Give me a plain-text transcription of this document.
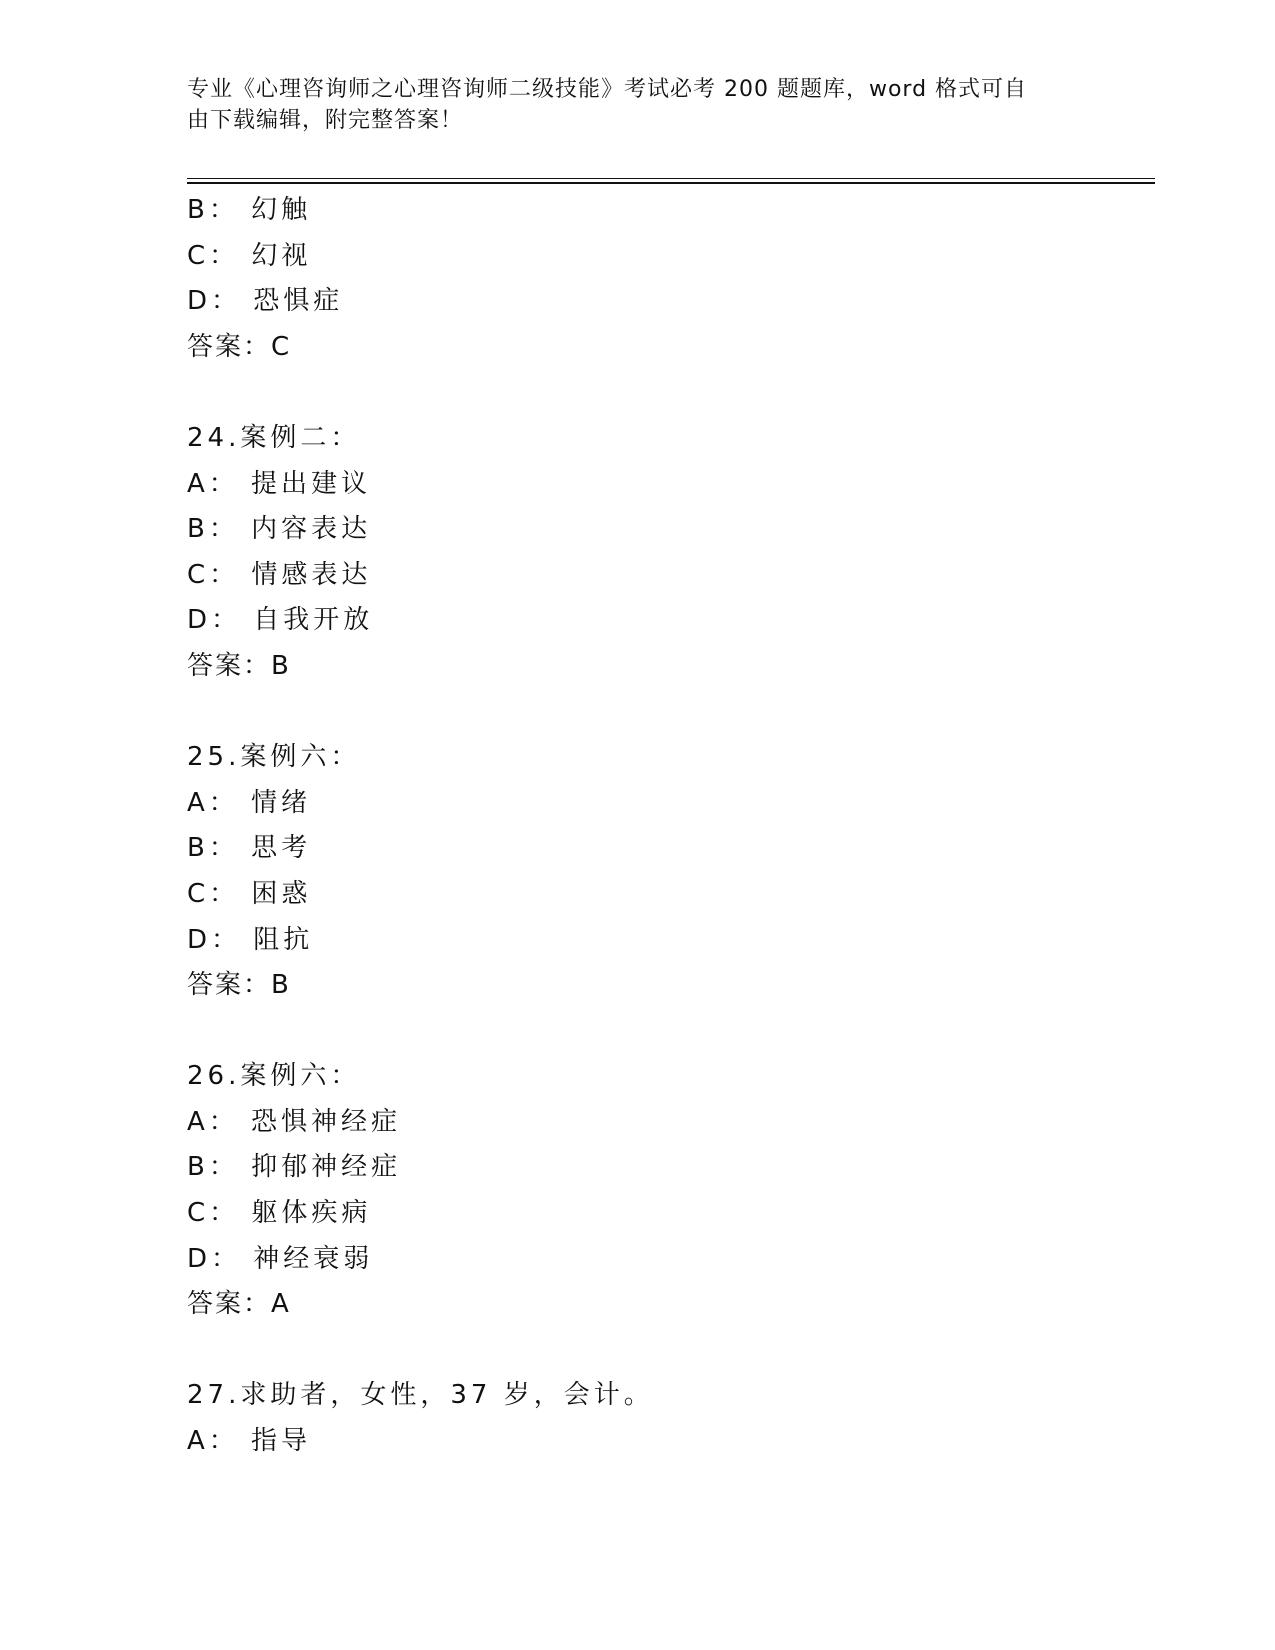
专业《心理咨询师之心理咨询师二级技能》考试必考 200 题题库，word 格式可自
由下载编辑，附完整答案！
B： 幻触
C： 幻视
D： 恐惧症
答案：C
24.案例二：
A： 提出建议
B： 内容表达
C： 情感表达
D： 自我开放
答案：B
25.案例六：
A： 情绪
B： 思考
C： 困惑
D： 阻抗
答案：B
26.案例六：
A： 恐惧神经症
B： 抑郁神经症
C： 躯体疾病
D： 神经衰弱
答案：A
27.求助者，女性，37 岁，会计。
A： 指导
